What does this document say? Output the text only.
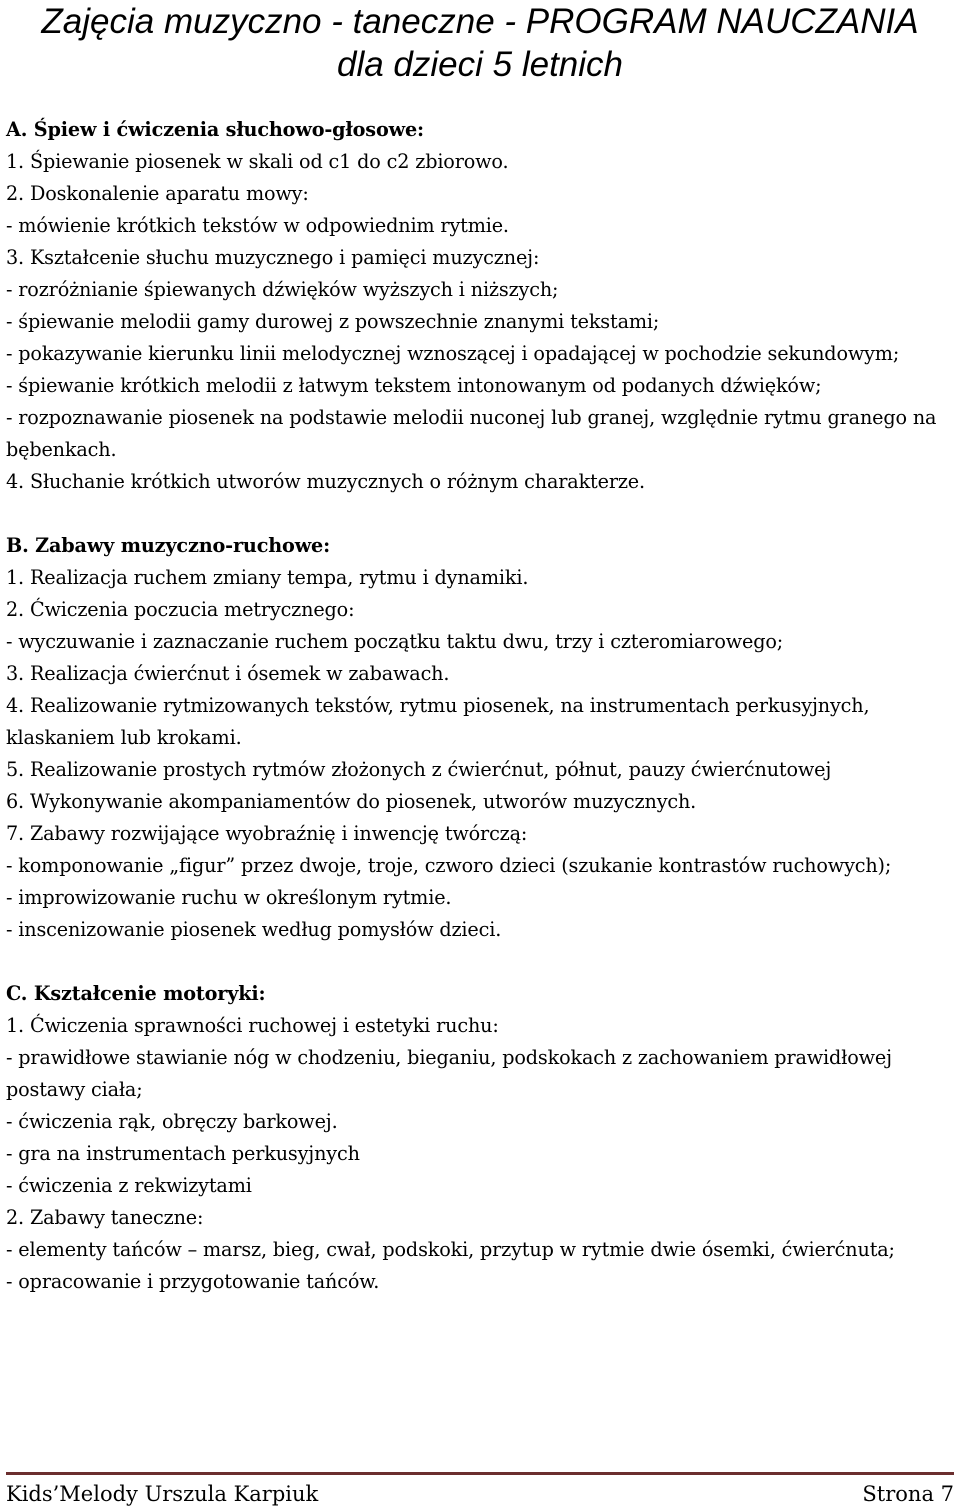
Zajęcia muzyczno - taneczne - PROGRAM NAUCZANIA
dla dzieci 5 letnich
A. Śpiew i ćwiczenia słuchowo-głosowe:
1. Śpiewanie piosenek w skali od c1 do c2 zbiorowo.
2. Doskonalenie aparatu mowy:
- mówienie krótkich tekstów w odpowiednim rytmie.
3. Kształcenie słuchu muzycznego i pamięci muzycznej:
- rozróżnianie śpiewanych dźwięków wyższych i niższych;
- śpiewanie melodii gamy durowej z powszechnie znanymi tekstami;
- pokazywanie kierunku linii melodycznej wznoszącej i opadającej w pochodzie sekundowym;
- śpiewanie krótkich melodii z łatwym tekstem intonowanym od podanych dźwięków;
- rozpoznawanie piosenek na podstawie melodii nuconej lub granej, względnie rytmu granego na bębenkach.
4. Słuchanie krótkich utworów muzycznych o różnym charakterze.
B. Zabawy muzyczno-ruchowe:
1. Realizacja ruchem zmiany tempa, rytmu i dynamiki.
2. Ćwiczenia poczucia metrycznego:
- wyczuwanie i zaznaczanie ruchem początku taktu dwu, trzy i czteromiarowego;
3. Realizacja ćwierćnut i ósemek w zabawach.
4. Realizowanie rytmizowanych tekstów, rytmu piosenek, na instrumentach perkusyjnych, klaskaniem lub krokami.
5. Realizowanie prostych rytmów złożonych z ćwierćnut, półnut, pauzy ćwierćnutowej
6. Wykonywanie akompaniamentów do piosenek, utworów muzycznych.
7. Zabawy rozwijające wyobraźnię i inwencję twórczą:
- komponowanie „figur” przez dwoje, troje, czworo dzieci (szukanie kontrastów ruchowych);
- improwizowanie ruchu w określonym rytmie.
- inscenizowanie piosenek według pomysłów dzieci.
C. Kształcenie motoryki:
1. Ćwiczenia sprawności ruchowej i estetyki ruchu:
- prawidłowe stawianie nóg w chodzeniu, bieganiu, podskokach z zachowaniem prawidłowej postawy ciała;
- ćwiczenia rąk, obręczy barkowej.
- gra na instrumentach perkusyjnych
- ćwiczenia z rekwizytami
2. Zabawy taneczne:
- elementy tańców – marsz, bieg, cwał, podskoki, przytup w rytmie dwie ósemki, ćwierćnuta;
- opracowanie i przygotowanie tańców.
Kids’Melody Urszula Karpiuk	Strona 7
